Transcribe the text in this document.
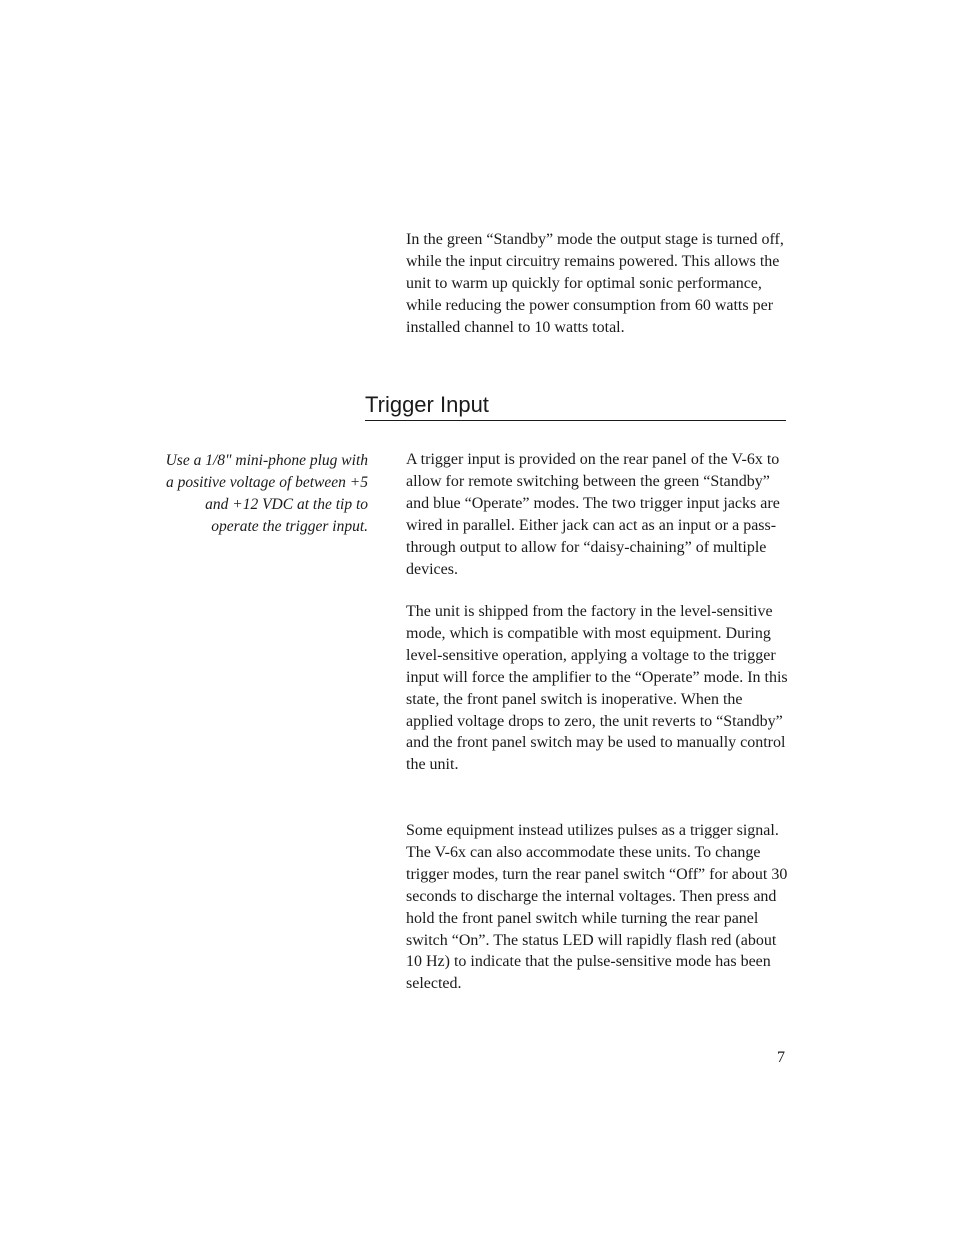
In the green “Standby” mode the output stage is turned off, while the input circuitry remains powered. This allows the unit to warm up quickly for optimal sonic performance, while reducing the power consumption from 60 watts per installed channel to 10 watts total.

Trigger Input

Use a 1/8" mini-phone plug with a positive voltage of between +5 and +12 VDC at the tip to operate the trigger input.

A trigger input is provided on the rear panel of the V-6x to allow for remote switching between the green “Standby” and blue “Operate” modes. The two trigger input jacks are wired in parallel. Either jack can act as an input or a pass-through output to allow for “daisy-chaining” of multiple devices.

The unit is shipped from the factory in the level-sensitive mode, which is compatible with most equipment. During level-sensitive operation, applying a voltage to the trigger input will force the amplifier to the “Operate” mode. In this state, the front panel switch is inoperative. When the applied voltage drops to zero, the unit reverts to “Standby” and the front panel switch may be used to manually control the unit.

Some equipment instead utilizes pulses as a trigger signal. The V-6x can also accommodate these units. To change trigger modes, turn the rear panel switch “Off” for about 30 seconds to discharge the internal voltages. Then press and hold the front panel switch while turning the rear panel switch “On”. The status LED will rapidly flash red (about 10 Hz) to indicate that the pulse-sensitive mode has been selected.

7
